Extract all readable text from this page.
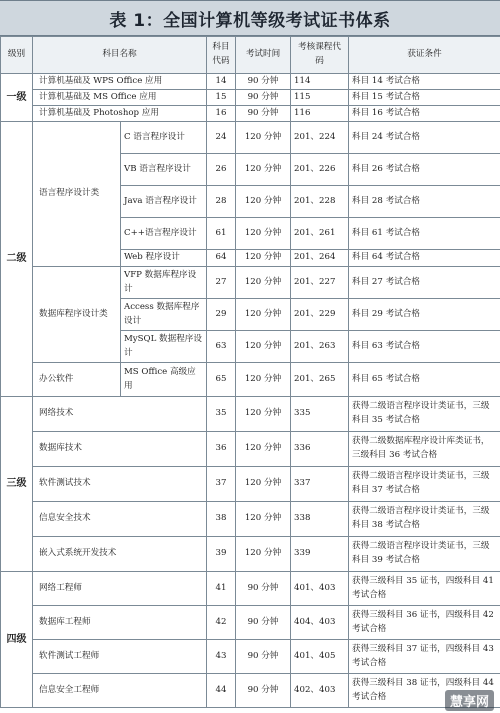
表 1：全国计算机等级考试证书体系
级别	科目名称		科目代码	考试时间	考核课程代码	获证条件
一级	计算机基础及 WPS Office 应用		14	90 分钟	114	科目 14 考试合格
	计算机基础及 MS Office 应用		15	90 分钟	115	科目 15 考试合格
	计算机基础及 Photoshop 应用		16	90 分钟	116	科目 16 考试合格
二级	语言程序设计类	C 语言程序设计	24	120 分钟	201、224	科目 24 考试合格
		VB 语言程序设计	26	120 分钟	201、226	科目 26 考试合格
		Java 语言程序设计	28	120 分钟	201、228	科目 28 考试合格
		C++语言程序设计	61	120 分钟	201、261	科目 61 考试合格
		Web 程序设计	64	120 分钟	201、264	科目 64 考试合格
	数据库程序设计类	VFP 数据库程序设计	27	120 分钟	201、227	科目 27 考试合格
		Access 数据库程序设计	29	120 分钟	201、229	科目 29 考试合格
		MySQL 数据程序设计	63	120 分钟	201、263	科目 63 考试合格
	办公软件	MS Office 高级应用	65	120 分钟	201、265	科目 65 考试合格
三级	网络技术		35	120 分钟	335	获得二级语言程序设计类证书，三级科目 35 考试合格
	数据库技术		36	120 分钟	336	获得二级数据库程序设计库类证书，三级科目 36 考试合格
	软件测试技术		37	120 分钟	337	获得二级语言程序设计类证书，三级科目 37 考试合格
	信息安全技术		38	120 分钟	338	获得二级语言程序设计类证书，三级科目 38 考试合格
	嵌入式系统开发技术		39	120 分钟	339	获得二级语言程序设计类证书，三级科目 39 考试合格
四级	网络工程师		41	90 分钟	401、403	获得三级科目 35 证书，四级科目 41 考试合格
	数据库工程师		42	90 分钟	404、403	获得三级科目 36 证书，四级科目 42 考试合格
	软件测试工程师		43	90 分钟	401、405	获得三级科目 37 证书，四级科目 43 考试合格
	信息安全工程师		44	90 分钟	402、403	获得三级科目 38 证书，四级科目 44 考试合格	慧享网
